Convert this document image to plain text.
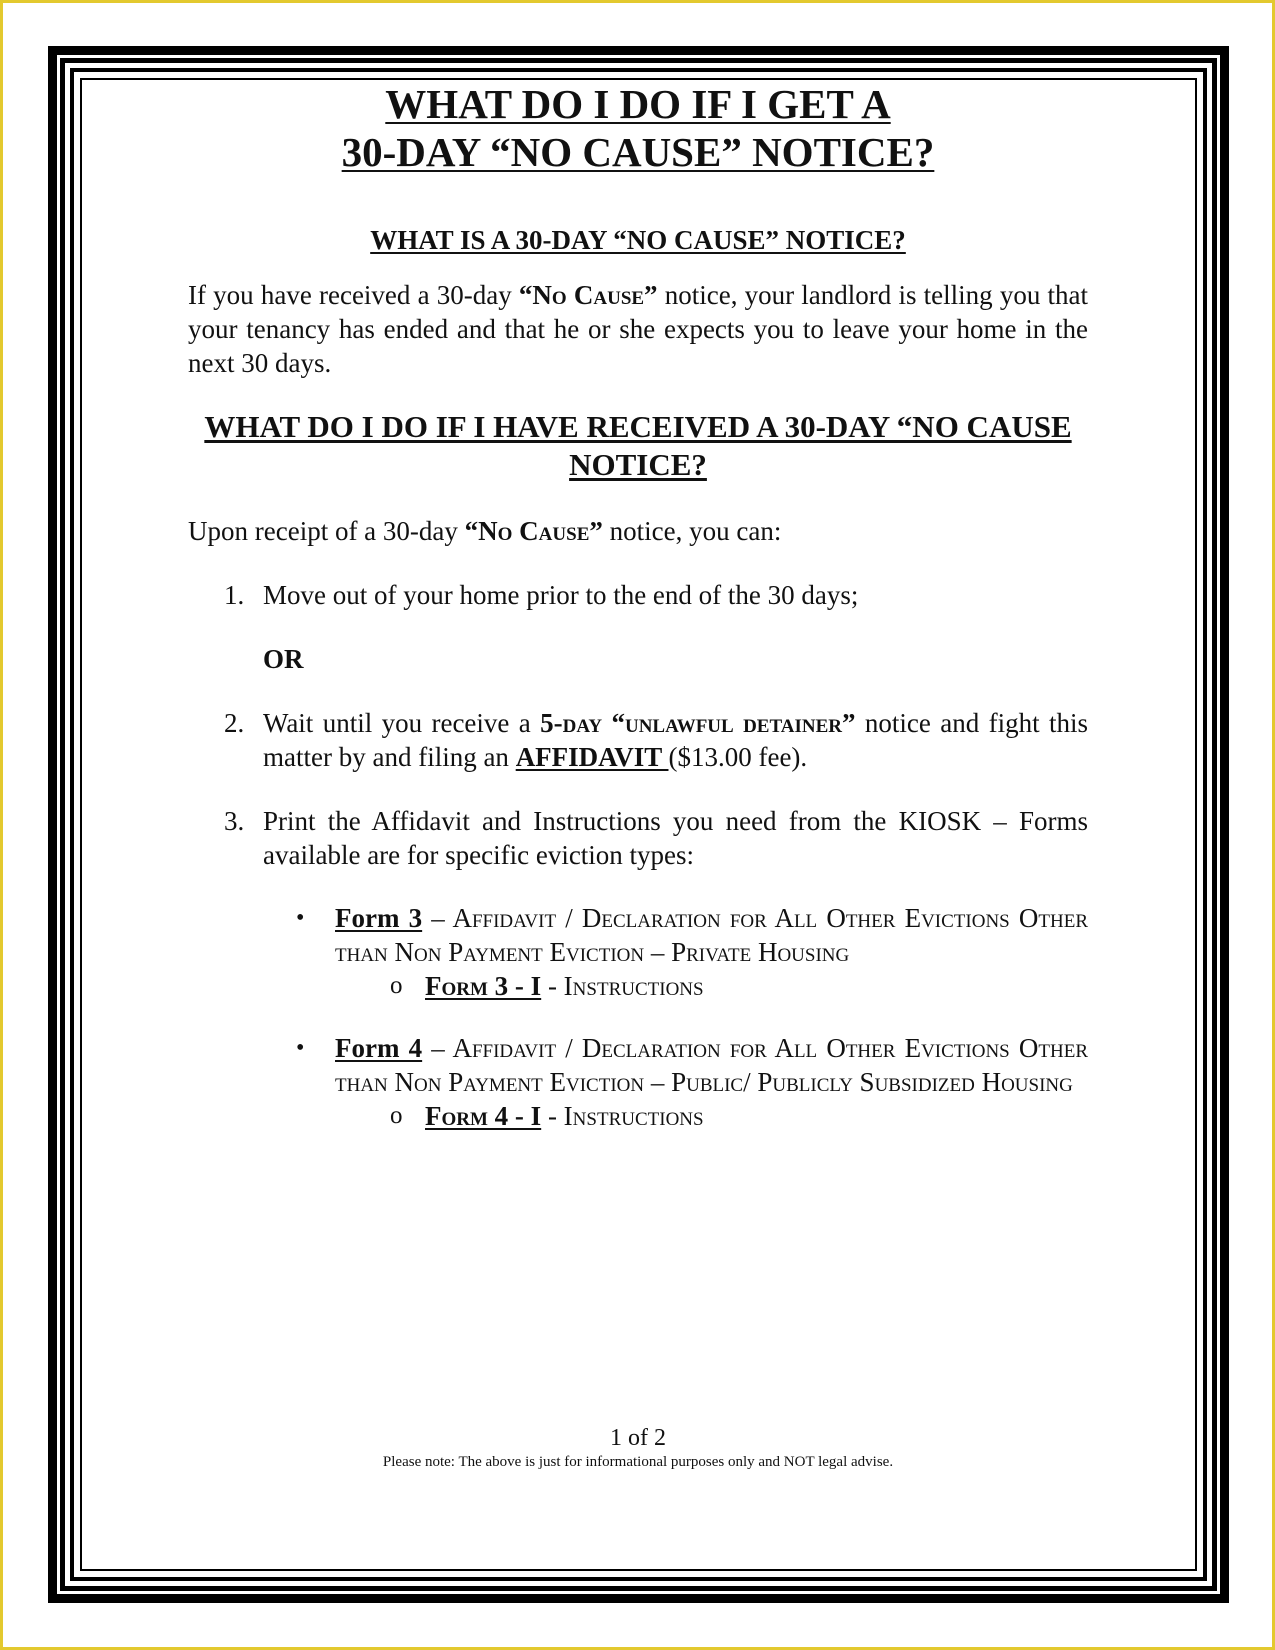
WHAT DO I DO IF I GET A
30-DAY “NO CAUSE” NOTICE?
WHAT IS A 30-DAY “NO CAUSE” NOTICE?

If you have received a 30-day “No Cause” notice, your landlord is telling you that your tenancy has ended and that he or she expects you to leave your home in the next 30 days.

WHAT DO I DO IF I HAVE RECEIVED A 30-DAY “NO CAUSE NOTICE?

Upon receipt of a 30-day “No Cause” notice, you can:

1. Move out of your home prior to the end of the 30 days;
OR
2. Wait until you receive a 5-day “unlawful detainer” notice and fight this matter by and filing an AFFIDAVIT ($13.00 fee).
3. Print the Affidavit and Instructions you need from the KIOSK – Forms available are for specific eviction types:
• Form 3 – Affidavit / Declaration for All Other Evictions Other than Non Payment Eviction – Private Housing
o Form 3 - I - Instructions
• Form 4 – Affidavit / Declaration for All Other Evictions Other than Non Payment Eviction – Public/ Publicly Subsidized Housing
o Form 4 - I - Instructions
1 of 2
Please note: The above is just for informational purposes only and NOT legal advise.
